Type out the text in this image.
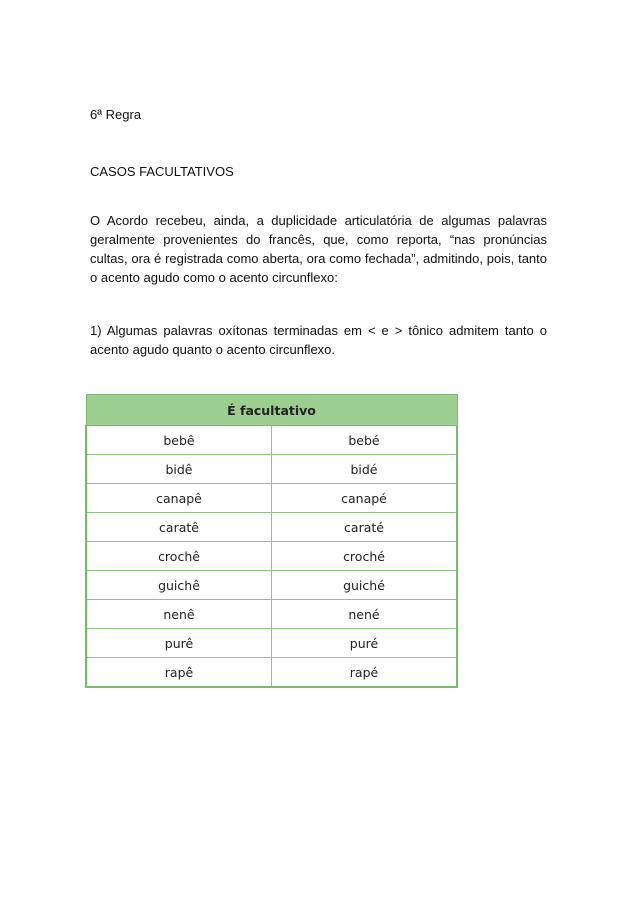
6ª Regra

CASOS FACULTATIVOS

O Acordo recebeu, ainda, a duplicidade articulatória de algumas palavras geralmente provenientes do francês, que, como reporta, “nas pronúncias cultas, ora é registrada como aberta, ora como fechada”, admitindo, pois, tanto o acento agudo como o acento circunflexo:

1) Algumas palavras oxítonas terminadas em < e > tônico admitem tanto o acento agudo quanto o acento circunflexo.

É facultativo	
bebê	bebé
bidê	bidé
canapê	canapé
caratê	caraté
crochê	croché
guichê	guiché
nenê	nené
purê	puré
rapê	rapé
